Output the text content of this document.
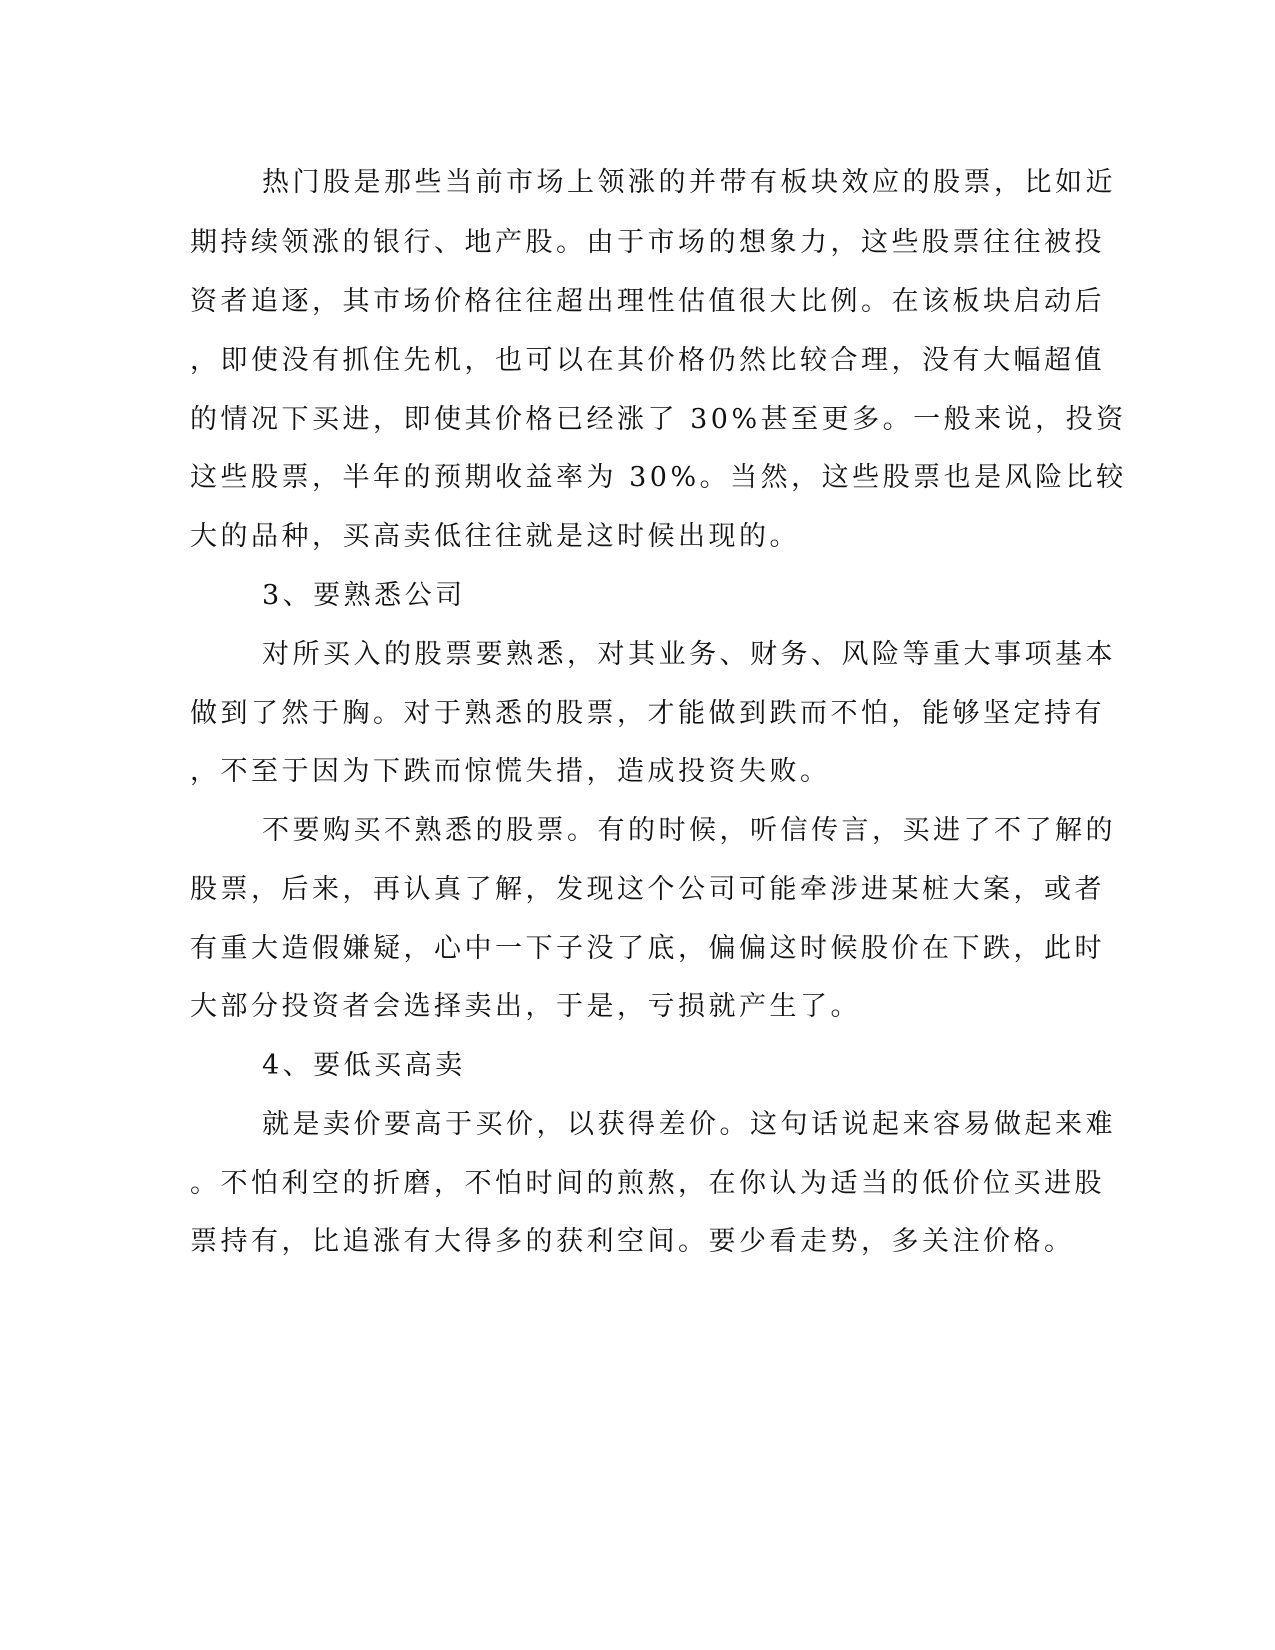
热门股是那些当前市场上领涨的并带有板块效应的股票，比如近
期持续领涨的银行、地产股。由于市场的想象力，这些股票往往被投
资者追逐，其市场价格往往超出理性估值很大比例。在该板块启动后
，即使没有抓住先机，也可以在其价格仍然比较合理，没有大幅超值
的情况下买进，即使其价格已经涨了 30%甚至更多。一般来说，投资
这些股票，半年的预期收益率为 30%。当然，这些股票也是风险比较
大的品种，买高卖低往往就是这时候出现的。
3、要熟悉公司
对所买入的股票要熟悉，对其业务、财务、风险等重大事项基本
做到了然于胸。对于熟悉的股票，才能做到跌而不怕，能够坚定持有
，不至于因为下跌而惊慌失措，造成投资失败。
不要购买不熟悉的股票。有的时候，听信传言，买进了不了解的
股票，后来，再认真了解，发现这个公司可能牵涉进某桩大案，或者
有重大造假嫌疑，心中一下子没了底，偏偏这时候股价在下跌，此时
大部分投资者会选择卖出，于是，亏损就产生了。
4、要低买高卖
就是卖价要高于买价，以获得差价。这句话说起来容易做起来难
。不怕利空的折磨，不怕时间的煎熬，在你认为适当的低价位买进股
票持有，比追涨有大得多的获利空间。要少看走势，多关注价格。
